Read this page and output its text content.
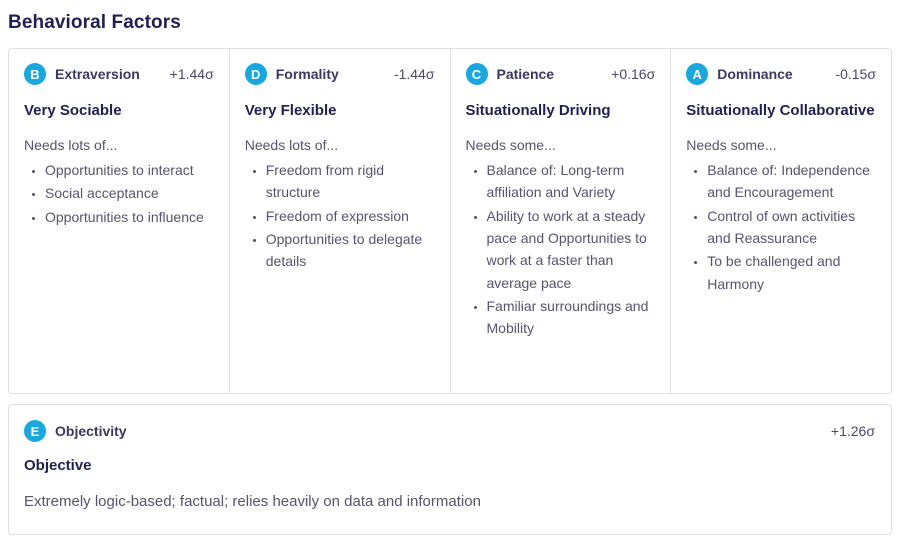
Behavioral Factors
B	Extraversion +1.44σ
Very Sociable
Needs lots of...
• Opportunities to interact
• Social acceptance
• Opportunities to influence
D	Formality	-1.44σ
Very Flexible
Needs lots of...
• Freedom from rigid structure
• Freedom of expression
• Opportunities to delegate details
C	Patience	+0.16σ
Situationally Driving
Needs some...
• Balance of: Long-term affiliation and Variety
• Ability to work at a steady pace and Opportunities to work at a faster than average pace
• Familiar surroundings and Mobility
A	Dominance	-0.15σ
Situationally Collaborative
Needs some...
• Balance of: Independence and Encouragement
• Control of own activities and Reassurance
• To be challenged and Harmony
E	Objectivity	+1.26σ
Objective
Extremely logic-based; factual; relies heavily on data and information
